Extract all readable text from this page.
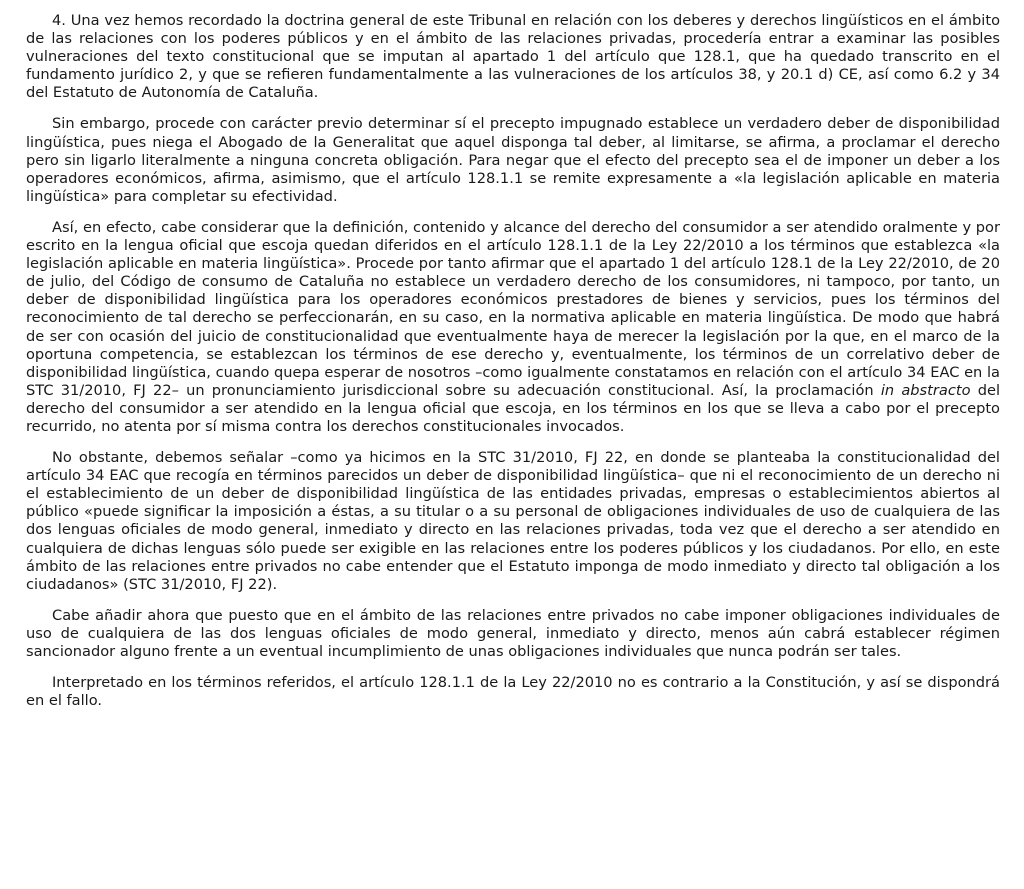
4. Una vez hemos recordado la doctrina general de este Tribunal en relación con los deberes y derechos lingüísticos en el ámbito de las relaciones con los poderes públicos y en el ámbito de las relaciones privadas, procedería entrar a examinar las posibles vulneraciones del texto constitucional que se imputan al apartado 1 del artículo que 128.1, que ha quedado transcrito en el fundamento jurídico 2, y que se refieren fundamentalmente a las vulneraciones de los artículos 38, y 20.1 d) CE, así como 6.2 y 34 del Estatuto de Autonomía de Cataluña.

Sin embargo, procede con carácter previo determinar sí el precepto impugnado establece un verdadero deber de disponibilidad lingüística, pues niega el Abogado de la Generalitat que aquel disponga tal deber, al limitarse, se afirma, a proclamar el derecho pero sin ligarlo literalmente a ninguna concreta obligación. Para negar que el efecto del precepto sea el de imponer un deber a los operadores económicos, afirma, asimismo, que el artículo 128.1.1 se remite expresamente a «la legislación aplicable en materia lingüística» para completar su efectividad.

Así, en efecto, cabe considerar que la definición, contenido y alcance del derecho del consumidor a ser atendido oralmente y por escrito en la lengua oficial que escoja quedan diferidos en el artículo 128.1.1 de la Ley 22/2010 a los términos que establezca «la legislación aplicable en materia lingüística». Procede por tanto afirmar que el apartado 1 del artículo 128.1 de la Ley 22/2010, de 20 de julio, del Código de consumo de Cataluña no establece un verdadero derecho de los consumidores, ni tampoco, por tanto, un deber de disponibilidad lingüística para los operadores económicos prestadores de bienes y servicios, pues los términos del reconocimiento de tal derecho se perfeccionarán, en su caso, en la normativa aplicable en materia lingüística. De modo que habrá de ser con ocasión del juicio de constitucionalidad que eventualmente haya de merecer la legislación por la que, en el marco de la oportuna competencia, se establezcan los términos de ese derecho y, eventualmente, los términos de un correlativo deber de disponibilidad lingüística, cuando quepa esperar de nosotros –como igualmente constatamos en relación con el artículo 34 EAC en la STC 31/2010, FJ 22– un pronunciamiento jurisdiccional sobre su adecuación constitucional. Así, la proclamación in abstracto del derecho del consumidor a ser atendido en la lengua oficial que escoja, en los términos en los que se lleva a cabo por el precepto recurrido, no atenta por sí misma contra los derechos constitucionales invocados.

No obstante, debemos señalar –como ya hicimos en la STC 31/2010, FJ 22, en donde se planteaba la constitucionalidad del artículo 34 EAC que recogía en términos parecidos un deber de disponibilidad lingüística– que ni el reconocimiento de un derecho ni el establecimiento de un deber de disponibilidad lingüística de las entidades privadas, empresas o establecimientos abiertos al público «puede significar la imposición a éstas, a su titular o a su personal de obligaciones individuales de uso de cualquiera de las dos lenguas oficiales de modo general, inmediato y directo en las relaciones privadas, toda vez que el derecho a ser atendido en cualquiera de dichas lenguas sólo puede ser exigible en las relaciones entre los poderes públicos y los ciudadanos. Por ello, en este ámbito de las relaciones entre privados no cabe entender que el Estatuto imponga de modo inmediato y directo tal obligación a los ciudadanos» (STC 31/2010, FJ 22).

Cabe añadir ahora que puesto que en el ámbito de las relaciones entre privados no cabe imponer obligaciones individuales de uso de cualquiera de las dos lenguas oficiales de modo general, inmediato y directo, menos aún cabrá establecer régimen sancionador alguno frente a un eventual incumplimiento de unas obligaciones individuales que nunca podrán ser tales.

Interpretado en los términos referidos, el artículo 128.1.1 de la Ley 22/2010 no es contrario a la Constitución, y así se dispondrá en el fallo.
